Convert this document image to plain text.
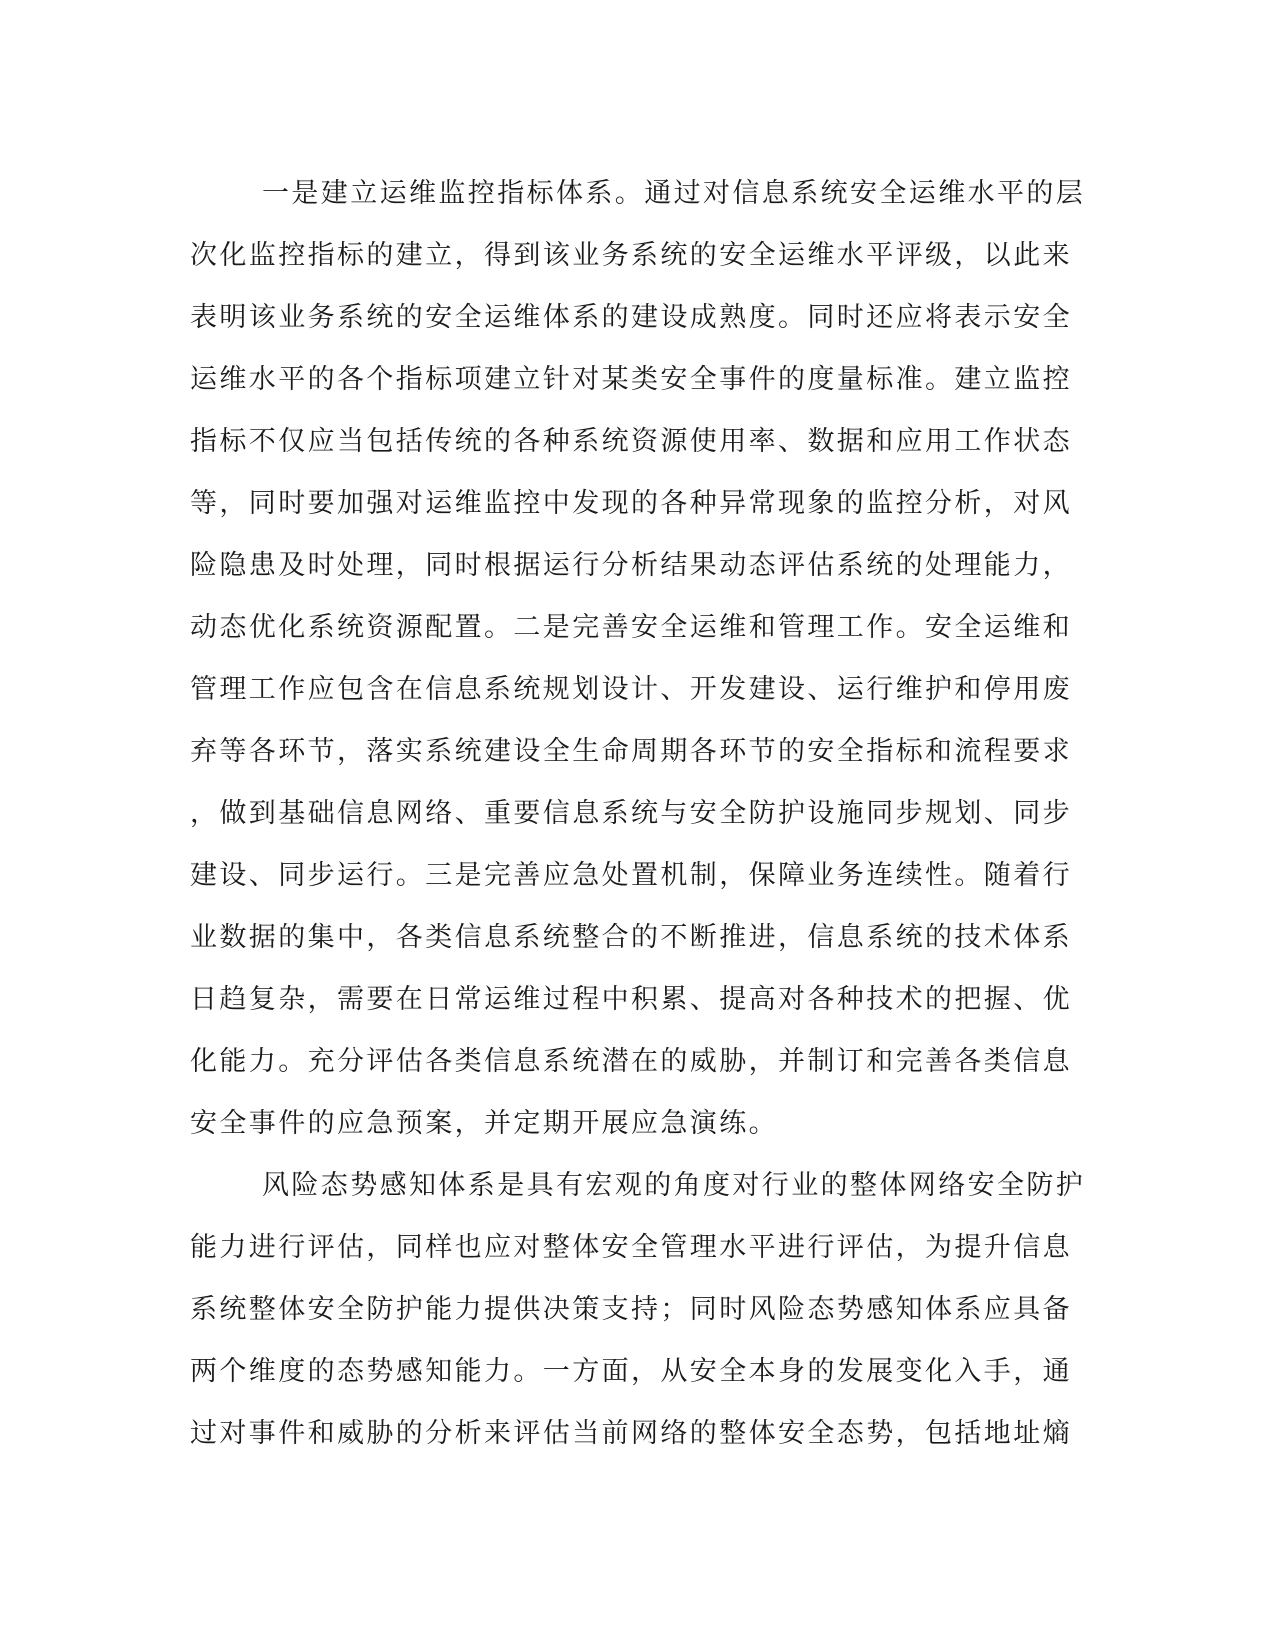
一是建立运维监控指标体系。通过对信息系统安全运维水平的层
次化监控指标的建立，得到该业务系统的安全运维水平评级，以此来
表明该业务系统的安全运维体系的建设成熟度。同时还应将表示安全
运维水平的各个指标项建立针对某类安全事件的度量标准。建立监控
指标不仅应当包括传统的各种系统资源使用率、数据和应用工作状态
等，同时要加强对运维监控中发现的各种异常现象的监控分析，对风
险隐患及时处理，同时根据运行分析结果动态评估系统的处理能力，
动态优化系统资源配置。二是完善安全运维和管理工作。安全运维和
管理工作应包含在信息系统规划设计、开发建设、运行维护和停用废
弃等各环节，落实系统建设全生命周期各环节的安全指标和流程要求
，做到基础信息网络、重要信息系统与安全防护设施同步规划、同步
建设、同步运行。三是完善应急处置机制，保障业务连续性。随着行
业数据的集中，各类信息系统整合的不断推进，信息系统的技术体系
日趋复杂，需要在日常运维过程中积累、提高对各种技术的把握、优
化能力。充分评估各类信息系统潜在的威胁，并制订和完善各类信息
安全事件的应急预案，并定期开展应急演练。
风险态势感知体系是具有宏观的角度对行业的整体网络安全防护
能力进行评估，同样也应对整体安全管理水平进行评估，为提升信息
系统整体安全防护能力提供决策支持；同时风险态势感知体系应具备
两个维度的态势感知能力。一方面，从安全本身的发展变化入手，通
过对事件和威胁的分析来评估当前网络的整体安全态势，包括地址熵
